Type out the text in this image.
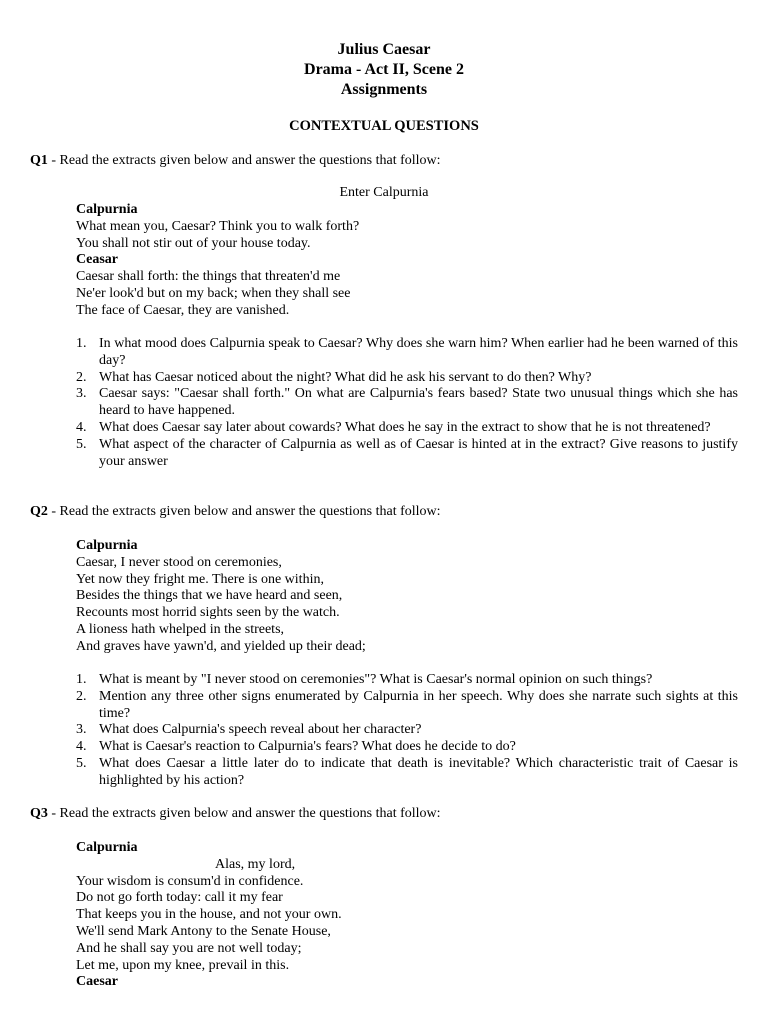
Julius Caesar
Drama - Act II, Scene 2
Assignments
CONTEXTUAL QUESTIONS
Q1 - Read the extracts given below and answer the questions that follow:
Enter Calpurnia
Calpurnia
What mean you, Caesar? Think you to walk forth?
You shall not stir out of your house today.
Ceasar
Caesar shall forth: the things that threaten'd me
Ne'er look'd but on my back; when they shall see
The face of Caesar, they are vanished.
1. In what mood does Calpurnia speak to Caesar? Why does she warn him? When earlier had he been warned of this day?
2. What has Caesar noticed about the night? What did he ask his servant to do then? Why?
3. Caesar says: "Caesar shall forth." On what are Calpurnia's fears based? State two unusual things which she has heard to have happened.
4. What does Caesar say later about cowards? What does he say in the extract to show that he is not threatened?
5. What aspect of the character of Calpurnia as well as of Caesar is hinted at in the extract? Give reasons to justify your answer
Q2 - Read the extracts given below and answer the questions that follow:
Calpurnia
Caesar, I never stood on ceremonies,
Yet now they fright me. There is one within,
Besides the things that we have heard and seen,
Recounts most horrid sights seen by the watch.
A lioness hath whelped in the streets,
And graves have yawn'd, and yielded up their dead;
1. What is meant by "I never stood on ceremonies"? What is Caesar's normal opinion on such things?
2. Mention any three other signs enumerated by Calpurnia in her speech. Why does she narrate such sights at this time?
3. What does Calpurnia's speech reveal about her character?
4. What is Caesar's reaction to Calpurnia's fears? What does he decide to do?
5. What does Caesar a little later do to indicate that death is inevitable? Which characteristic trait of Caesar is highlighted by his action?
Q3 - Read the extracts given below and answer the questions that follow:
Calpurnia
Alas, my lord,
Your wisdom is consum'd in confidence.
Do not go forth today: call it my fear
That keeps you in the house, and not your own.
We'll send Mark Antony to the Senate House,
And he shall say you are not well today;
Let me, upon my knee, prevail in this.
Caesar
